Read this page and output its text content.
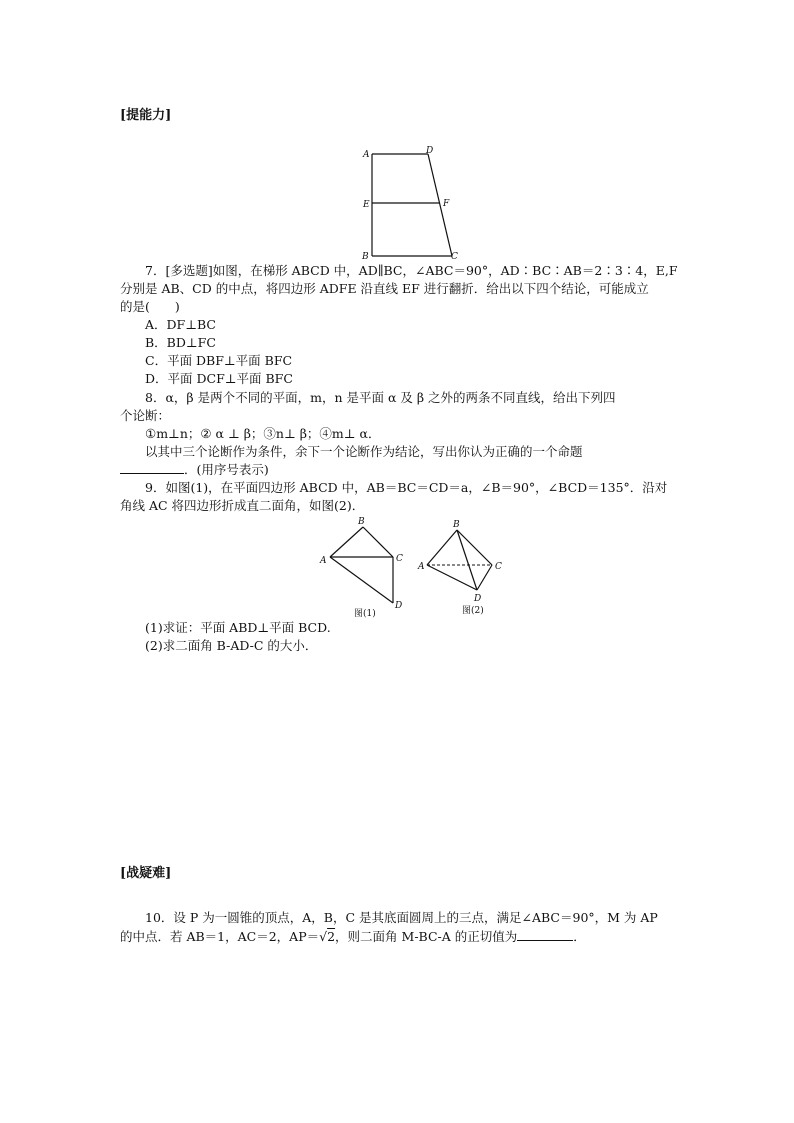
[提能力]
A	D
E	F
B	C
7．[多选题]如图，在梯形 ABCD 中，AD∥BC，∠ABC＝90°，AD∶BC∶AB＝2∶3∶4，E,F
分别是 AB、CD 的中点，将四边形 ADFE 沿直线 EF 进行翻折．给出以下四个结论，可能成立
的是(　　)
A．DF⊥BC
B．BD⊥FC
C．平面 DBF⊥平面 BFC
D．平面 DCF⊥平面 BFC
8．α，β 是两个不同的平面，m，n 是平面 α 及 β 之外的两条不同直线，给出下列四
个论断：
①m⊥n；② α ⊥ β；③n⊥ β；④m⊥ α．
以其中三个论断作为条件，余下一个论断作为结论，写出你认为正确的一个命题
．(用序号表示)
9．如图(1)，在平面四边形 ABCD 中，AB＝BC＝CD＝a，∠B＝90°，∠BCD＝135°．沿对
角线 AC 将四边形折成直二面角，如图(2)．
A
B
C
D
图(1)
A
B
C
D
图(2)
(1)求证：平面 ABD⊥平面 BCD.
(2)求二面角 B-AD-C 的大小．
[战疑难]
10．设 P 为一圆锥的顶点，A，B，C 是其底面圆周上的三点，满足∠ABC＝90°，M 为 AP
的中点．若 AB＝1，AC＝2，AP＝√2，则二面角 M-BC-A 的正切值为	．
